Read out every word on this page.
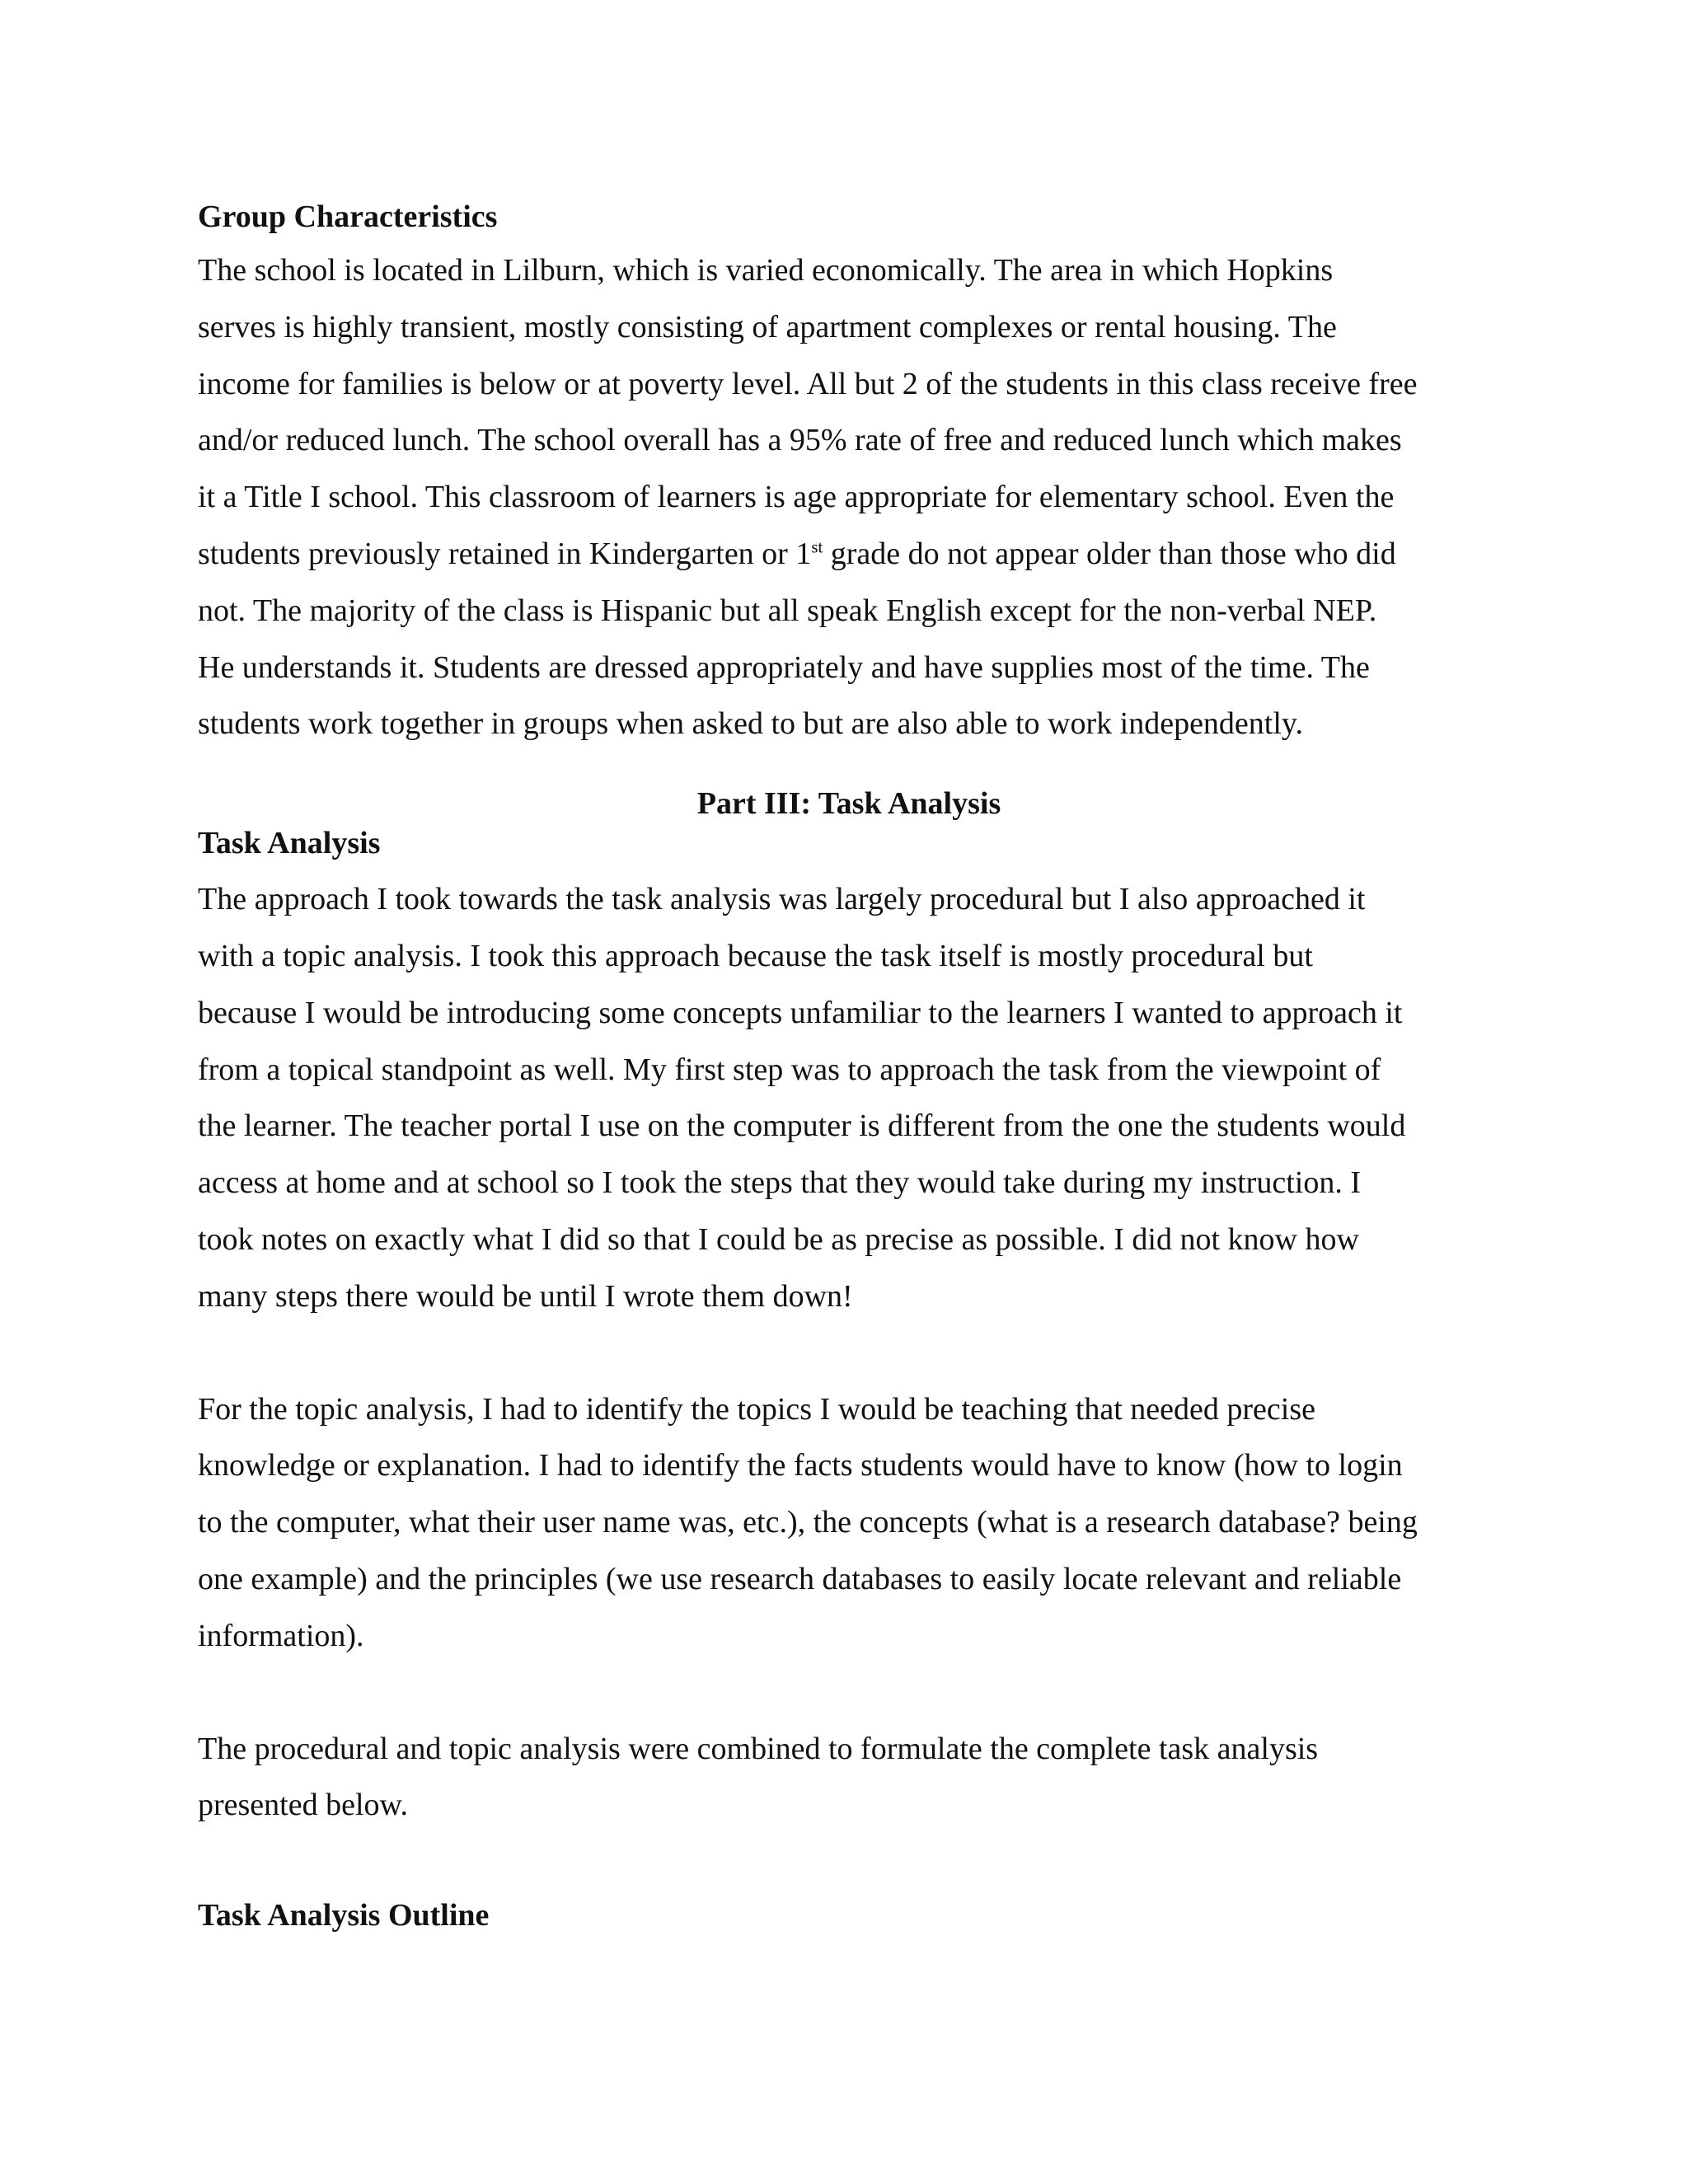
Group Characteristics

The school is located in Lilburn, which is varied economically. The area in which Hopkins
serves is highly transient, mostly consisting of apartment complexes or rental housing. The
income for families is below or at poverty level. All but 2 of the students in this class receive free
and/or reduced lunch. The school overall has a 95% rate of free and reduced lunch which makes
it a Title I school. This classroom of learners is age appropriate for elementary school. Even the
students previously retained in Kindergarten or 1st grade do not appear older than those who did
not. The majority of the class is Hispanic but all speak English except for the non-verbal NEP.
He understands it. Students are dressed appropriately and have supplies most of the time. The
students work together in groups when asked to but are also able to work independently.

Part III: Task Analysis

Task Analysis

The approach I took towards the task analysis was largely procedural but I also approached it
with a topic analysis. I took this approach because the task itself is mostly procedural but
because I would be introducing some concepts unfamiliar to the learners I wanted to approach it
from a topical standpoint as well. My first step was to approach the task from the viewpoint of
the learner. The teacher portal I use on the computer is different from the one the students would
access at home and at school so I took the steps that they would take during my instruction. I
took notes on exactly what I did so that I could be as precise as possible. I did not know how
many steps there would be until I wrote them down!

For the topic analysis, I had to identify the topics I would be teaching that needed precise
knowledge or explanation. I had to identify the facts students would have to know (how to login
to the computer, what their user name was, etc.), the concepts (what is a research database? being
one example) and the principles (we use research databases to easily locate relevant and reliable
information).

The procedural and topic analysis were combined to formulate the complete task analysis
presented below.

Task Analysis Outline
